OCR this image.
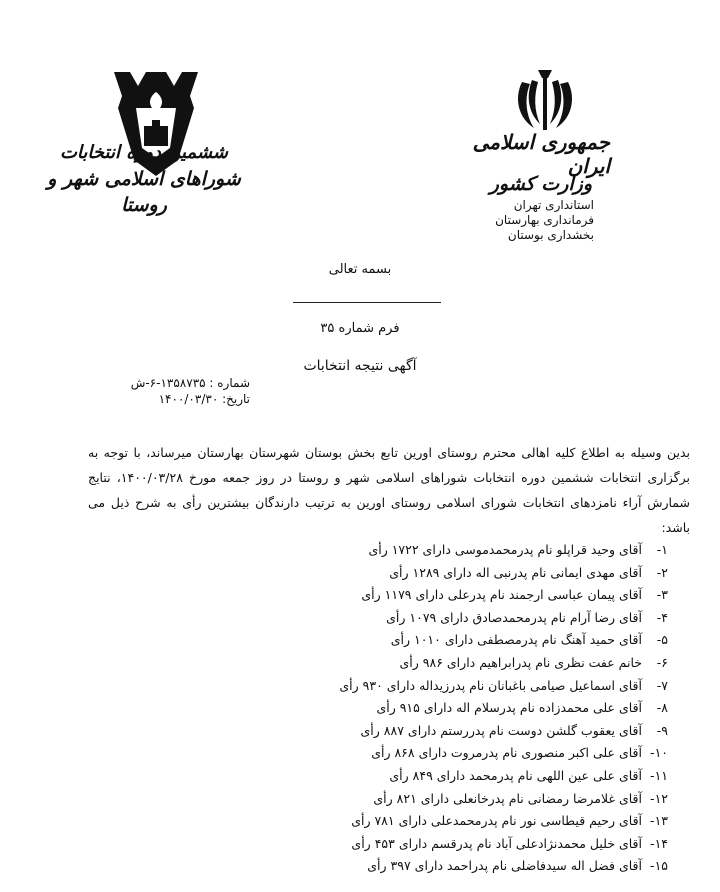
ششمین دوره انتخابات
شوراهای اسلامی شهر و روستا
جمهوری اسلامی ایران
وزارت کشور
استانداری تهران
فرمانداری بهارستان
بخشداری بوستان
بسمه تعالی
فرم شماره ۳۵
آگهی نتیجه انتخابات
شماره : ۱۳۵۸۷۳۵-۶-ش
تاریخ: ۱۴۰۰/۰۳/۳۰
بدین وسیله به اطلاع کلیه اهالی محترم روستای اورین تابع بخش بوستان شهرستان بهارستان میرساند، با توجه به برگزاری انتخابات ششمین دوره انتخابات شوراهای اسلامی شهر و روستا در روز جمعه مورخ ۱۴۰۰/۰۳/۲۸، نتایج شمارش آراء نامزدهای انتخابات شورای اسلامی روستای اورین به ترتیب دارندگان بیشترین رأی به شرح ذیل می باشد:
۱- آقای وحید قراپلو نام پدرمحمدموسی دارای ۱۷۲۲ رأی
۲- آقای مهدی ایمانی نام پدرنبی اله دارای ۱۲۸۹ رأی
۳- آقای پیمان عباسی ارجمند نام پدرعلی دارای ۱۱۷۹ رأی
۴- آقای رضا آرام نام پدرمحمدصادق دارای ۱۰۷۹ رأی
۵- آقای حمید آهنگ نام پدرمصطفی دارای ۱۰۱۰ رأی
۶- خانم عفت نظری نام پدرابراهیم دارای ۹۸۶ رأی
۷- آقای اسماعیل صیامی باغبانان نام پدرزیداله دارای ۹۳۰ رأی
۸- آقای علی محمدزاده نام پدرسلام اله دارای ۹۱۵ رأی
۹- آقای یعقوب گلشن دوست نام پدررستم دارای ۸۸۷ رأی
۱۰- آقای علی اکبر منصوری نام پدرمروت دارای ۸۶۸ رأی
۱۱- آقای علی عین اللهی نام پدرمحمد دارای ۸۴۹ رأی
۱۲- آقای غلامرضا رمضانی نام پدرخانعلی دارای ۸۲۱ رأی
۱۳- آقای رحیم قیطاسی نور نام پدرمحمدعلی دارای ۷۸۱ رأی
۱۴- آقای خلیل محمدنژادعلی آباد نام پدرقسم دارای ۴۵۳ رأی
۱۵- آقای فضل اله سیدفاضلی نام پدراحمد دارای ۳۹۷ رأی
